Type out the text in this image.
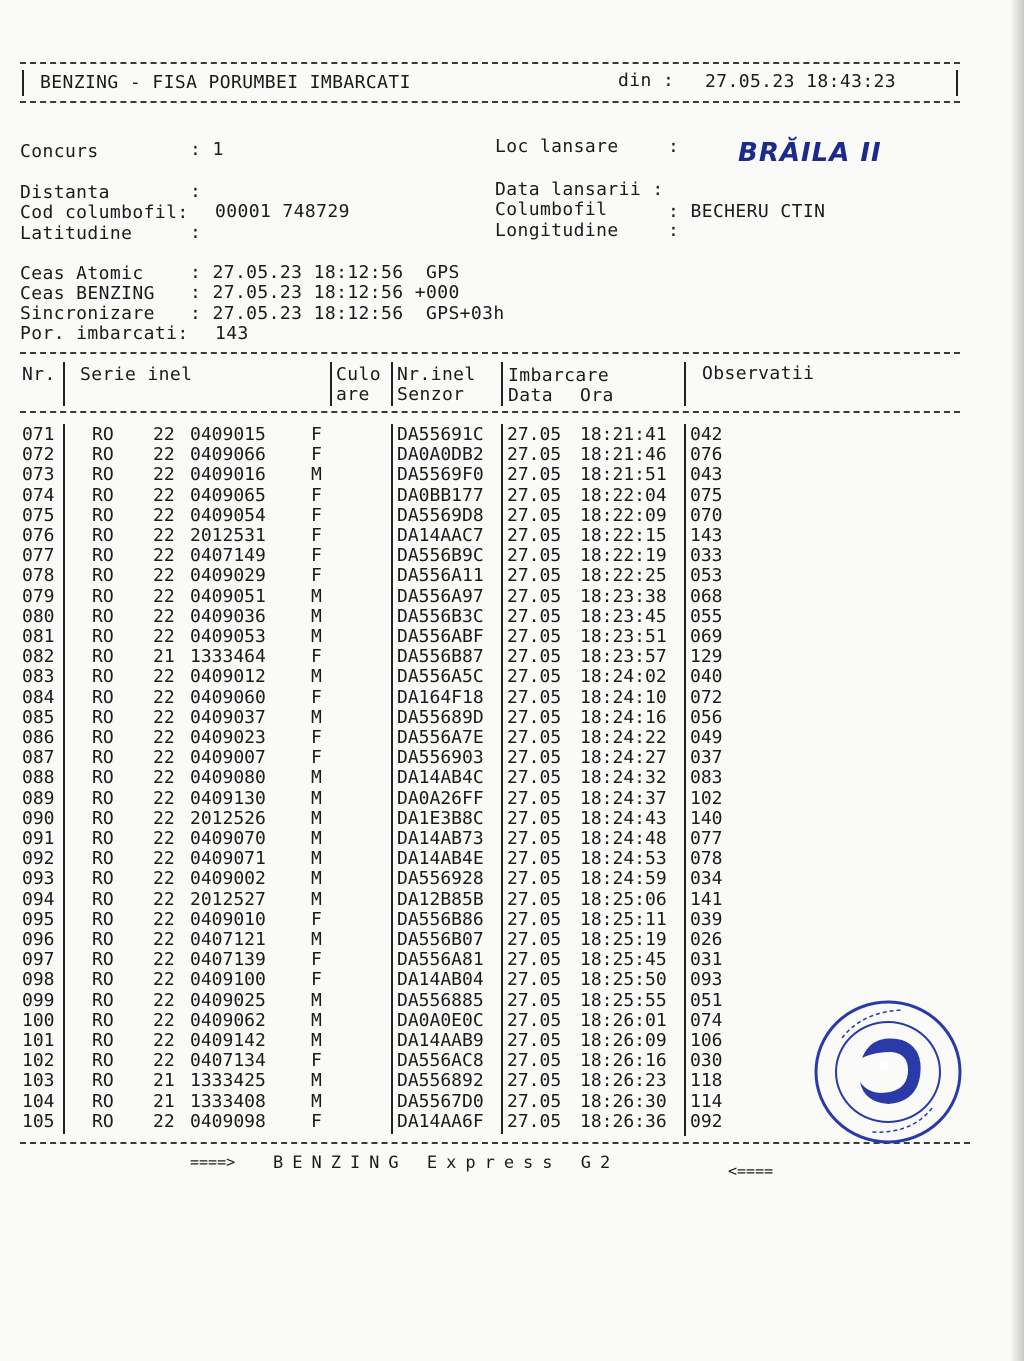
BENZING - FISA PORUMBEI IMBARCATI	din : 27.05.23 18:43:23
Concurs	: 1	Loc lansare	: BRĂILA II
Distanta	:	Data lansarii :
Cod columbofil: 00001 748729	Columbofil	: BECHERU CTIN
Latitudine	:	Longitudine	:
Ceas Atomic	: 27.05.23 18:12:56  GPS
Ceas BENZING : 27.05.23 18:12:56 +000
Sincronizare : 27.05.23 18:12:56  GPS+03h
Por. imbarcati: 143
Nr. Serie inel	Culo
are
Nr.inel
Senzor
Imbarcare
Data Ora
Observatii
071 RO 22 0409015	F	DA55691C 27.05 18:21:41 042
072 RO 22 0409066	F	DA0A0DB2 27.05 18:21:46 076
073 RO 22 0409016	M	DA5569F0 27.05 18:21:51 043
074 RO 22 0409065	F	DA0BB177 27.05 18:22:04 075
075 RO 22 0409054	F	DA5569D8 27.05 18:22:09 070
076 RO 22 2012531	F	DA14AAC7 27.05 18:22:15 143
077 RO 22 0407149	F	DA556B9C 27.05 18:22:19 033
078 RO 22 0409029	F	DA556A11 27.05 18:22:25 053
079 RO 22 0409051	M	DA556A97 27.05 18:23:38 068
080 RO 22 0409036	M	DA556B3C 27.05 18:23:45 055
081 RO 22 0409053	M	DA556ABF 27.05 18:23:51 069
082 RO 21 1333464	F	DA556B87 27.05 18:23:57 129
083 RO 22 0409012	M	DA556A5C 27.05 18:24:02 040
084 RO 22 0409060	F	DA164F18 27.05 18:24:10 072
085 RO 22 0409037	M	DA55689D 27.05 18:24:16 056
086 RO 22 0409023	F	DA556A7E 27.05 18:24:22 049
087 RO 22 0409007	F	DA556903 27.05 18:24:27 037
088 RO 22 0409080	M	DA14AB4C 27.05 18:24:32 083
089 RO 22 0409130	M	DA0A26FF 27.05 18:24:37 102
090 RO 22 2012526	M	DA1E3B8C 27.05 18:24:43 140
091 RO 22 0409070	M	DA14AB73 27.05 18:24:48 077
092 RO 22 0409071	M	DA14AB4E 27.05 18:24:53 078
093 RO 22 0409002	M	DA556928 27.05 18:24:59 034
094 RO 22 2012527	M	DA12B85B 27.05 18:25:06 141
095 RO 22 0409010	F	DA556B86 27.05 18:25:11 039
096 RO 22 0407121	M	DA556B07 27.05 18:25:19 026
097 RO 22 0407139	F	DA556A81 27.05 18:25:45 031
098 RO 22 0409100	F	DA14AB04 27.05 18:25:50 093
099 RO 22 0409025	M	DA556885 27.05 18:25:55 051
100 RO 22 0409062	M	DA0A0E0C 27.05 18:26:01 074
101 RO 22 0409142	M	DA14AAB9 27.05 18:26:09 106
102 RO 22 0407134	F	DA556AC8 27.05 18:26:16 030
103 RO 21 1333425	M	DA556892 27.05 18:26:23 118
104 RO 21 1333408	M	DA5567D0 27.05 18:26:30 114
105 RO 22 0409098	F	DA14AA6F 27.05 18:26:36 092
====> BENZING Express G2	<====
